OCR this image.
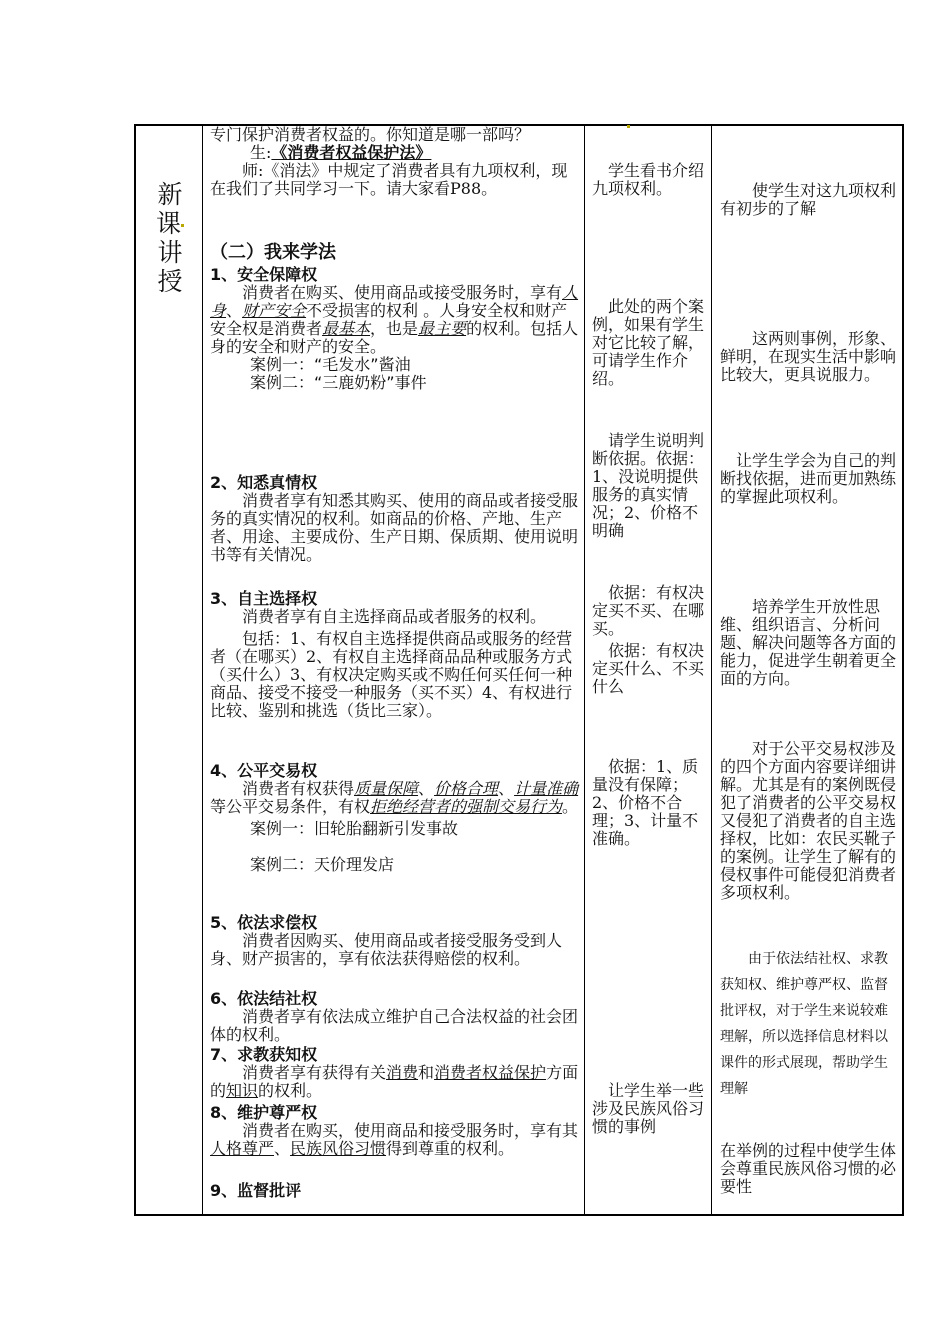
新
课
讲
授

专门保护消费者权益的。你知道是哪一部吗？

生:《消费者权益保护法》

师:《消法》中规定了消费者具有九项权利，现在我们了共同学习一下。请大家看P88。

（二）我来学法

1、安全保障权

消费者在购买、使用商品或接受服务时，享有人身、财产安全不受损害的权利 。人身安全权和财产安全权是消费者最基本，也是最主要的权利。包括人身的安全和财产的安全。

案例一：“毛发水”酱油

案例二：“三鹿奶粉”事件

2、知悉真情权

消费者享有知悉其购买、使用的商品或者接受服务的真实情况的权利。如商品的价格、产地、生产者、用途、主要成份、生产日期、保质期、使用说明书等有关情况。

3、自主选择权

消费者享有自主选择商品或者服务的权利。

包括：1、有权自主选择提供商品或服务的经营者（在哪买）2、有权自主选择商品品种或服务方式（买什么）3、有权决定购买或不购任何买任何一种商品、接受不接受一种服务（买不买）4、有权进行比较、鉴别和挑选（货比三家）。

4、公平交易权

消费者有权获得质量保障、价格合理、计量准确等公平交易条件，有权拒绝经营者的强制交易行为。

案例一：旧轮胎翻新引发事故

案例二：天价理发店

5、依法求偿权

消费者因购买、使用商品或者接受服务受到人身、财产损害的，享有依法获得赔偿的权利。

6、依法结社权

消费者享有依法成立维护自己合法权益的社会团体的权利。

7、求教获知权

消费者享有获得有关消费和消费者权益保护方面的知识的权利。

8、维护尊严权

消费者在购买，使用商品和接受服务时，享有其人格尊严、民族风俗习惯得到尊重的权利。

9、监督批评

学生看书介绍九项权利。

此处的两个案例，如果有学生对它比较了解，可请学生作介绍。

请学生说明判断依据。依据：1、没说明提供服务的真实情况；2、价格不明确

依据：有权决定买不买、在哪买。

依据：有权决定买什么、不买什么

依据：1、质量没有保障；2、价格不合理；3、计量不准确。

让学生举一些涉及民族风俗习惯的事例

使学生对这九项权利有初步的了解

这两则事例，形象、鲜明，在现实生活中影响比较大，更具说服力。

让学生学会为自己的判断找依据，进而更加熟练的掌握此项权利。

培养学生开放性思维、组织语言、分析问题、解决问题等各方面的能力，促进学生朝着更全面的方向。

对于公平交易权涉及的四个方面内容要详细讲解。尤其是有的案例既侵犯了消费者的公平交易权又侵犯了消费者的自主选择权，比如：农民买靴子的案例。让学生了解有的侵权事件可能侵犯消费者多项权利。

由于依法结社权、求教获知权、维护尊严权、监督批评权，对于学生来说较难理解，所以选择信息材料以课件的形式展现，帮助学生理解

在举例的过程中使学生体会尊重民族风俗习惯的必要性
